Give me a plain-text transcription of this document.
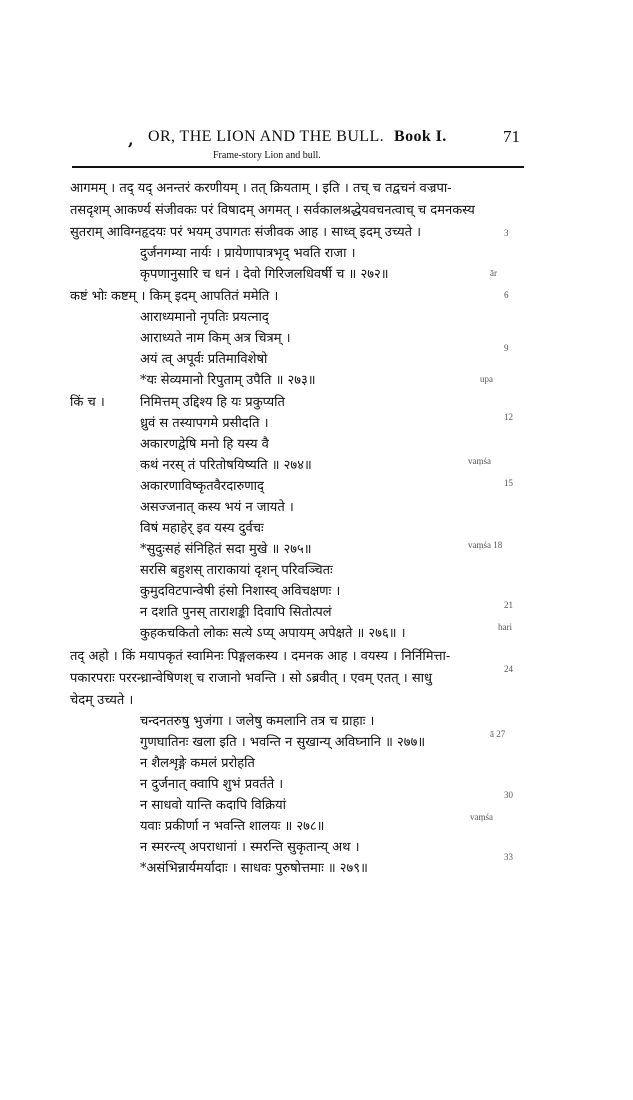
, OR, THE LION AND THE BULL. Book I.	71
Frame-story Lion and bull.
आगमम् । तद् यद् अनन्तरं करणीयम् । तत् क्रियताम् । इति । तच् च तद्वचनं वज्रपा-
तसदृशम् आकर्ण्य संजीवकः परं विषादम् अगमत् । सर्वकालश्रद्धेयवचनत्वाच् च दमनकस्य
सुतराम् आविग्नहृदयः परं भयम् उपागतः संजीवक आह । साध्व् इदम् उच्यते ।
दुर्जनगम्या नार्यः । प्रायेणापात्रभृद् भवति राजा ।
कृपणानुसारि च धनं । देवो गिरिजलधिवर्षी च ॥ २७२॥
कष्टं भोः कष्टम् । किम् इदम् आपतितं ममेति ।
आराध्यमानो नृपतिः प्रयत्नाद्
आराध्यते नाम किम् अत्र चित्रम् ।
अयं त्व् अपूर्वः प्रतिमाविशेषो
*यः सेव्यमानो रिपुताम् उपैति ॥ २७३॥
किं च ।	निमित्तम् उद्दिश्य हि यः प्रकुप्यति
ध्रुवं स तस्यापगमे प्रसीदति ।
अकारणद्वेषि मनो हि यस्य वै
कथं नरस् तं परितोषयिष्यति ॥ २७४॥
अकारणाविष्कृतवैरदारुणाद्
असज्जनात् कस्य भयं न जायते ।
विषं महाहेर् इव यस्य दुर्वचः
*सुदुःसहं संनिहितं सदा मुखे ॥ २७५॥
सरसि बहुशस् ताराकायां दृशन् परिवञ्चितः
कुमुदविटपान्वेषी हंसो निशास्व् अविचक्षणः ।
न दशति पुनस् ताराशङ्की दिवापि सितोत्पलं
कुहकचकितो लोकः सत्ये ऽप्य् अपायम् अपेक्षते ॥ २७६॥ ।
तद् अहो । किं मयापकृतं स्वामिनः पिङ्गलकस्य । दमनक आह । वयस्य । निर्निमित्ता-
पकारपराः पररन्ध्रान्वेषिणश् च राजानो भवन्ति । सो ऽब्रवीत् । एवम् एतत् । साधु
चेदम् उच्यते ।
चन्दनतरुषु भुजंगा । जलेषु कमलानि तत्र च ग्राहाः ।
गुणघातिनः खला इति । भवन्ति न सुखान्य् अविघ्नानि ॥ २७७॥
न शैलशृङ्गे कमलं प्ररोहति
न दुर्जनात् क्वापि शुभं प्रवर्तते ।
न साधवो यान्ति कदापि विक्रियां
यवाः प्रकीर्णा न भवन्ति शालयः ॥ २७८॥
न स्मरन्त्य् अपराधानां । स्मरन्ति सुकृतान्य् अथ ।
*असंभिन्नार्यमर्यादाः । साधवः पुरुषोत्तमाः ॥ २७९॥
3
ār
6
9
upa
12
vaṃśa
15
vaṃśa 18
21
hari
24
ā 27
30
vaṃśa
33
